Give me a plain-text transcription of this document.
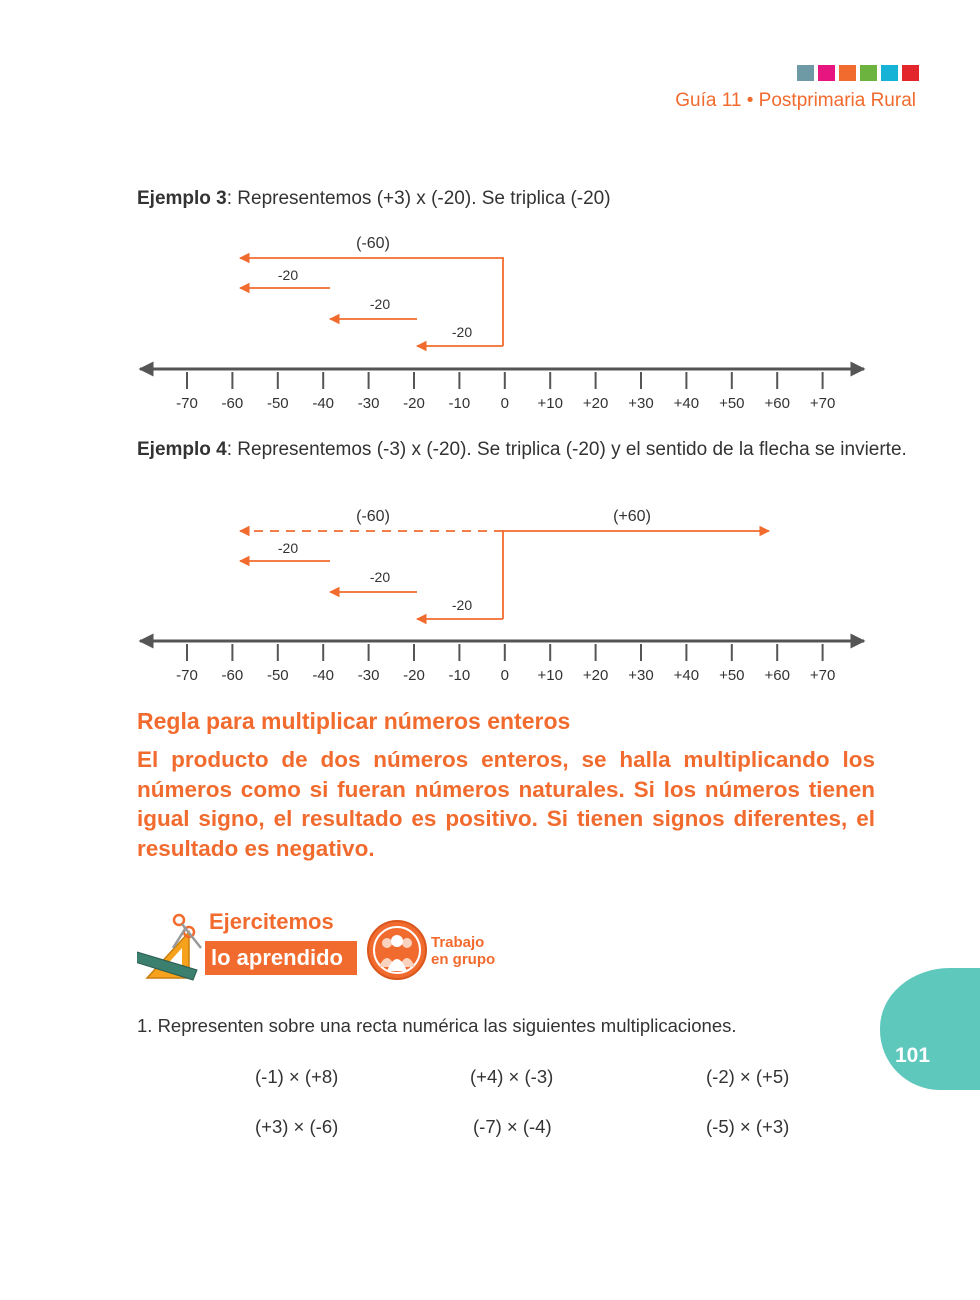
Guía 11 • Postprimaria Rural
Ejemplo 3: Representemos (+3) x (-20). Se triplica (-20)
(-60)
-20
-20
-20
-70 -60 -50 -40 -30 -20 -10 0 +10 +20 +30 +40 +50 +60 +70
Ejemplo 4: Representemos (-3) x (-20). Se triplica (-20) y el sentido de la flecha se invierte.
(-60)	(+60)
-20
-20
-20
-70 -60 -50 -40 -30 -20 -10 0 +10 +20 +30 +40 +50 +60 +70
Regla para multiplicar números enteros
El producto de dos números enteros, se halla multiplicando los números como si fueran números naturales. Si los números tienen igual signo, el resultado es positivo. Si tienen signos diferentes, el resultado es negativo.
Ejercitemos
lo aprendido
Trabajo
en grupo
1. Representen sobre una recta numérica las siguientes multiplicaciones.
(-1) × (+8)	(+4) × (-3)	(-2) × (+5)
(+3) × (-6)	(-7) × (-4)	(-5) × (+3)
101
